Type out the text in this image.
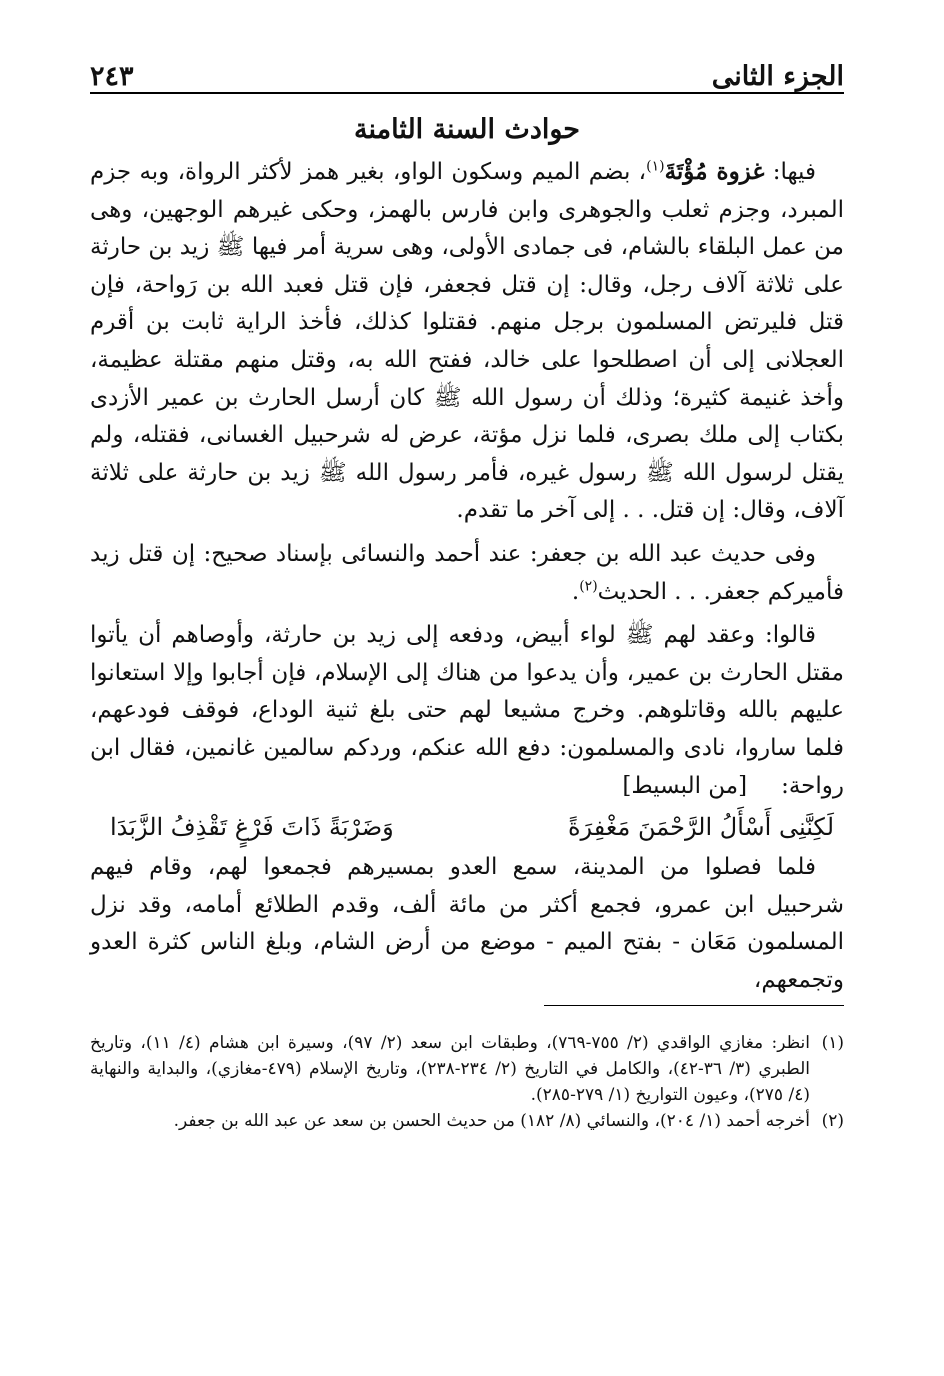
الجزء الثانى
٢٤٣
حوادث السنة الثامنة

فيها: غزوة مُؤْتَةَ$^{(١)}$، بضم الميم وسكون الواو، بغير همز لأكثر الرواة، وبه جزم المبرد، وجزم ثعلب والجوهرى وابن فارس بالهمز، وحكى غيرهم الوجهين، وهى من عمل البلقاء بالشام، فى جمادى الأولى، وهى سرية أمر فيها ﷺ زيد بن حارثة على ثلاثة آلاف رجل، وقال: إن قتل فجعفر، فإن قتل فعبد الله بن رَواحة، فإن قتل فليرتض المسلمون برجل منهم. فقتلوا كذلك، فأخذ الراية ثابت بن أقرم العجلانى إلى أن اصطلحوا على خالد، ففتح الله به، وقتل منهم مقتلة عظيمة، وأخذ غنيمة كثيرة؛ وذلك أن رسول الله ﷺ كان أرسل الحارث بن عمير الأزدى بكتاب إلى ملك بصرى، فلما نزل مؤتة، عرض له شرحبيل الغسانى، فقتله، ولم يقتل لرسول الله ﷺ رسول غيره، فأمر رسول الله ﷺ زيد بن حارثة على ثلاثة آلاف، وقال: إن قتل. . . إلى آخر ما تقدم.

وفى حديث عبد الله بن جعفر: عند أحمد والنسائى بإسناد صحيح: إن قتل زيد فأميركم جعفر. . . الحديث$^{(٢)}$.

قالوا: وعقد لهم ﷺ لواء أبيض، ودفعه إلى زيد بن حارثة، وأوصاهم أن يأتوا مقتل الحارث بن عمير، وأن يدعوا من هناك إلى الإسلام، فإن أجابوا وإلا استعانوا عليهم بالله وقاتلوهم. وخرج مشيعا لهم حتى بلغ ثنية الوداع، فوقف فودعهم، فلما ساروا، نادى والمسلمون: دفع الله عنكم، وردكم سالمين غانمين، فقال ابن رواحة:[من البسيط]

لَكِنَّنِى أَسْأَلُ الرَّحْمَنَ مَغْفِرَةً
وَضَرْبَةً ذَاتَ فَرْغٍ تَقْذِفُ الزَّبَدَا

فلما فصلوا من المدينة، سمع العدو بمسيرهم فجمعوا لهم، وقام فيهم شرحبيل ابن عمرو، فجمع أكثر من مائة ألف، وقدم الطلائع أمامه، وقد نزل المسلمون مَعَان - بفتح الميم - موضع من أرض الشام، وبلغ الناس كثرة العدو وتجمعهم،

(١)
انظر: مغازي الواقدي (٢/ ٧٥٥-٧٦٩)، وطبقات ابن سعد (٢/ ٩٧)، وسيرة ابن هشام (٤/ ١١)، وتاريخ الطبري (٣/ ٣٦-٤٢)، والكامل في التاريخ (٢/ ٢٣٤-٢٣٨)، وتاريخ الإسلام (٤٧٩-مغازي)، والبداية والنهاية (٤/ ٢٧٥)، وعيون التواريخ (١/ ٢٧٩-٢٨٥).
(٢)
أخرجه أحمد (١/ ٢٠٤)، والنسائي (٨/ ١٨٢) من حديث الحسن بن سعد عن عبد الله بن جعفر.
